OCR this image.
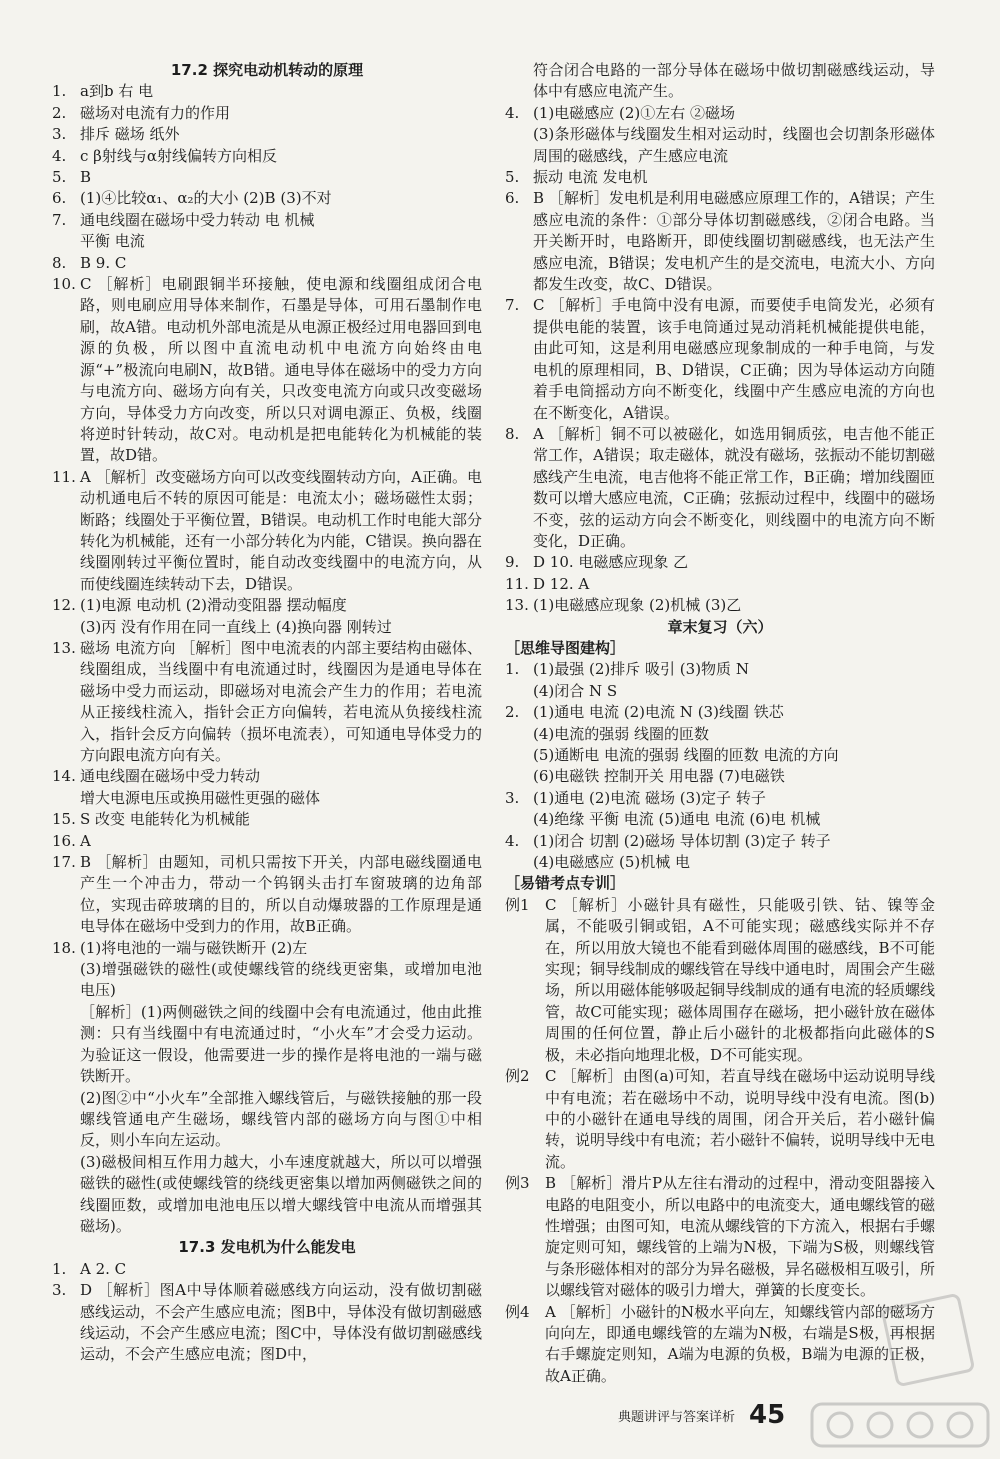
17.2 探究电动机转动的原理

1. a到b 右 电
2. 磁场对电流有力的作用
3. 排斥 磁场 纸外
4. c β射线与α射线偏转方向相反
5. B
6. (1)④比较α₁、α₂的大小 (2)B (3)不对
7. 通电线圈在磁场中受力转动 电 机械
平衡 电流
8. B 9. C
10. C ［解析］电刷跟铜半环接触，使电源和线圈组成闭合电路，则电刷应用导体来制作，石墨是导体，可用石墨制作电刷，故A错。电动机外部电流是从电源正极经过用电器回到电源的负极，所以图中直流电动机中电流方向始终由电源“+”极流向电刷N，故B错。通电导体在磁场中的受力方向与电流方向、磁场方向有关，只改变电流方向或只改变磁场方向，导体受力方向改变，所以只对调电源正、负极，线圈将逆时针转动，故C对。电动机是把电能转化为机械能的装置，故D错。
11. A ［解析］改变磁场方向可以改变线圈转动方向，A正确。电动机通电后不转的原因可能是：电流太小；磁场磁性太弱；断路；线圈处于平衡位置，B错误。电动机工作时电能大部分转化为机械能，还有一小部分转化为内能，C错误。换向器在线圈刚转过平衡位置时，能自动改变线圈中的电流方向，从而使线圈连续转动下去，D错误。
12. (1)电源 电动机 (2)滑动变阻器 摆动幅度
(3)丙 没有作用在同一直线上 (4)换向器 刚转过
13. 磁场 电流方向 ［解析］图中电流表的内部主要结构由磁体、线圈组成，当线圈中有电流通过时，线圈因为是通电导体在磁场中受力而运动，即磁场对电流会产生力的作用；若电流从正接线柱流入，指针会正方向偏转，若电流从负接线柱流入，指针会反方向偏转（损坏电流表），可知通电导体受力的方向跟电流方向有关。
14. 通电线圈在磁场中受力转动
增大电源电压或换用磁性更强的磁体
15. S 改变 电能转化为机械能
16. A
17. B ［解析］由题知，司机只需按下开关，内部电磁线圈通电产生一个冲击力，带动一个钨钢头击打车窗玻璃的边角部位，实现击碎玻璃的目的，所以自动爆玻器的工作原理是通电导体在磁场中受到力的作用，故B正确。
18. (1)将电池的一端与磁铁断开 (2)左
(3)增强磁铁的磁性(或使螺线管的绕线更密集，或增加电池电压)
［解析］(1)两侧磁铁之间的线圈中会有电流通过，他由此推测：只有当线圈中有电流通过时，“小火车”才会受力运动。为验证这一假设，他需要进一步的操作是将电池的一端与磁铁断开。
(2)图②中“小火车”全部推入螺线管后，与磁铁接触的那一段螺线管通电产生磁场，螺线管内部的磁场方向与图①中相反，则小车向左运动。
(3)磁极间相互作用力越大，小车速度就越大，所以可以增强磁铁的磁性(或使螺线管的绕线更密集以增加两侧磁铁之间的线圈匝数，或增加电池电压以增大螺线管中电流从而增强其磁场)。

17.3 发电机为什么能发电

1. A 2. C
3. D ［解析］图A中导体顺着磁感线方向运动，没有做切割磁感线运动，不会产生感应电流；图B中，导体没有做切割磁感线运动，不会产生感应电流；图C中，导体没有做切割磁感线运动，不会产生感应电流；图D中，
符合闭合电路的一部分导体在磁场中做切割磁感线运动，导体中有感应电流产生。
4. (1)电磁感应 (2)①左右 ②磁场
(3)条形磁体与线圈发生相对运动时，线圈也会切割条形磁体周围的磁感线，产生感应电流
5. 振动 电流 发电机
6. B ［解析］发电机是利用电磁感应原理工作的，A错误；产生感应电流的条件：①部分导体切割磁感线，②闭合电路。当开关断开时，电路断开，即使线圈切割磁感线，也无法产生感应电流，B错误；发电机产生的是交流电，电流大小、方向都发生改变，故C、D错误。
7. C ［解析］手电筒中没有电源，而要使手电筒发光，必须有提供电能的装置，该手电筒通过晃动消耗机械能提供电能，由此可知，这是利用电磁感应现象制成的一种手电筒，与发电机的原理相同，B、D错误，C正确；因为导体运动方向随着手电筒摇动方向不断变化，线圈中产生感应电流的方向也在不断变化，A错误。
8. A ［解析］铜不可以被磁化，如选用铜质弦，电吉他不能正常工作，A错误；取走磁体，就没有磁场，弦振动不能切割磁感线产生电流，电吉他将不能正常工作，B正确；增加线圈匝数可以增大感应电流，C正确；弦振动过程中，线圈中的磁场不变，弦的运动方向会不断变化，则线圈中的电流方向不断变化，D正确。
9. D 10. 电磁感应现象 乙
11. D 12. A
13. (1)电磁感应现象 (2)机械 (3)乙

章末复习（六）

［思维导图建构］
1. (1)最强 (2)排斥 吸引 (3)物质 N
(4)闭合 N S
2. (1)通电 电流 (2)电流 N (3)线圈 铁芯
(4)电流的强弱 线圈的匝数
(5)通断电 电流的强弱 线圈的匝数 电流的方向
(6)电磁铁 控制开关 用电器 (7)电磁铁
3. (1)通电 (2)电流 磁场 (3)定子 转子
(4)绝缘 平衡 电流 (5)通电 电流 (6)电 机械
4. (1)闭合 切割 (2)磁场 导体切割 (3)定子 转子
(4)电磁感应 (5)机械 电
［易错考点专训］
例1	C ［解析］小磁针具有磁性，只能吸引铁、钴、镍等金属，不能吸引铜或铝，A不可能实现；磁感线实际并不存在，所以用放大镜也不能看到磁体周围的磁感线，B不可能实现；铜导线制成的螺线管在导线中通电时，周围会产生磁场，所以用磁体能够吸起铜导线制成的通有电流的轻质螺线管，故C可能实现；磁体周围存在磁场，把小磁针放在磁体周围的任何位置，静止后小磁针的北极都指向此磁体的S极，未必指向地理北极，D不可能实现。
例2	C ［解析］由图(a)可知，若直导线在磁场中运动说明导线中有电流；若在磁场中不动，说明导线中没有电流。图(b)中的小磁针在通电导线的周围，闭合开关后，若小磁针偏转，说明导线中有电流；若小磁针不偏转，说明导线中无电流。
例3	B ［解析］滑片P从左往右滑动的过程中，滑动变阻器接入电路的电阻变小，所以电路中的电流变大，通电螺线管的磁性增强；由图可知，电流从螺线管的下方流入，根据右手螺旋定则可知，螺线管的上端为N极，下端为S极，则螺线管与条形磁体相对的部分为异名磁极，异名磁极相互吸引，所以螺线管对磁体的吸引力增大，弹簧的长度变长。
例4	A ［解析］小磁针的N极水平向左，知螺线管内部的磁场方向向左，即通电螺线管的左端为N极，右端是S极，再根据右手螺旋定则知，A端为电源的负极，B端为电源的正极，故A正确。
典题讲评与答案详析 45
